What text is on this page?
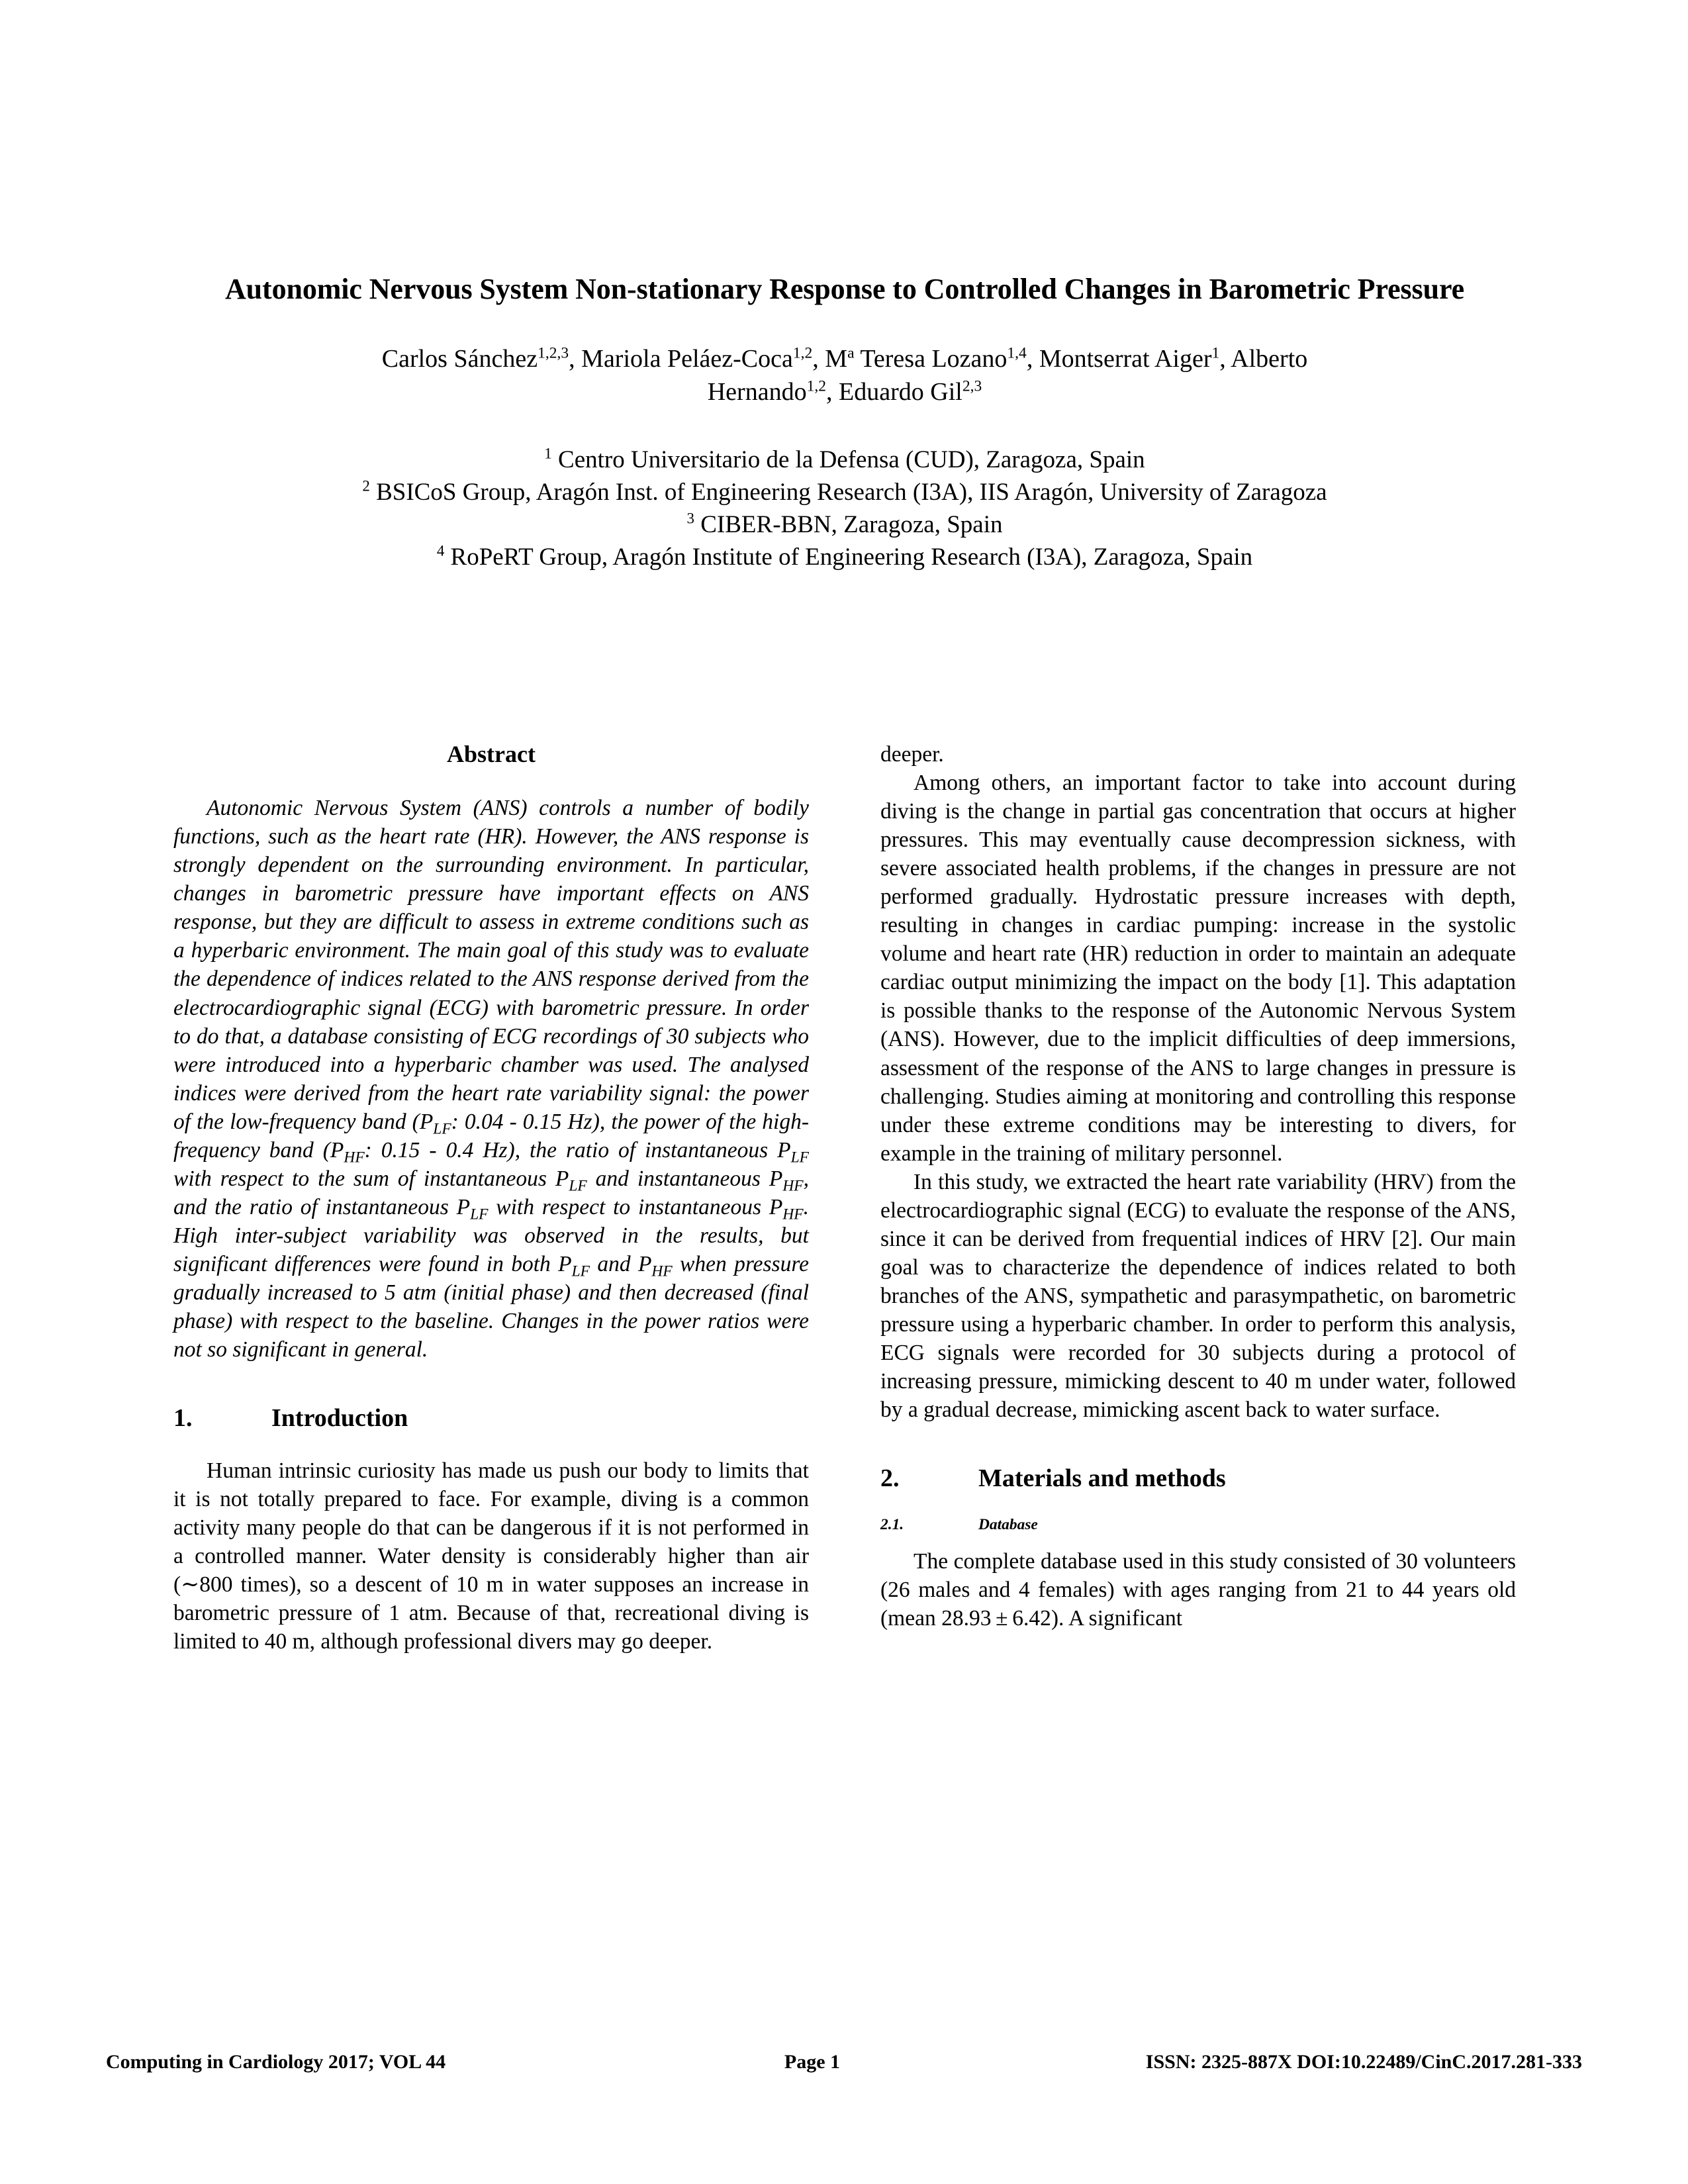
Autonomic Nervous System Non-stationary Response to Controlled Changes in Barometric Pressure
Carlos Sánchez$^{1,2,3}$, Mariola Peláez-Coca$^{1,2}$, $M^a$ Teresa Lozano$^{1,4}$, Montserrat Aiger$^1$, Alberto
Hernando$^{1,2}$, Eduardo Gil$^{2,3}$
$^1$ Centro Universitario de la Defensa (CUD), Zaragoza, Spain
$^2$ BSICoS Group, Aragón Inst. of Engineering Research (I3A), IIS Aragón, University of Zaragoza
$^3$ CIBER-BBN, Zaragoza, Spain
$^4$ RoPeRT Group, Aragón Institute of Engineering Research (I3A), Zaragoza, Spain
Abstract

Autonomic Nervous System (ANS) controls a number of bodily functions, such as the heart rate (HR). However, the ANS response is strongly dependent on the surrounding environment. In particular, changes in barometric pressure have important effects on ANS response, but they are difficult to assess in extreme conditions such as a hyperbaric environment. The main goal of this study was to evaluate the dependence of indices related to the ANS response derived from the electrocardiographic signal (ECG) with barometric pressure. In order to do that, a database consisting of ECG recordings of 30 subjects who were introduced into a hyperbaric chamber was used. The analysed indices were derived from the heart rate variability signal: the power of the low-frequency band ($P_{LF}$: 0.04 - 0.15 Hz), the power of the high-frequency band ($P_{HF}$: 0.15 - 0.4 Hz), the ratio of instantaneous $P_{LF}$ with respect to the sum of instantaneous $P_{LF}$ and instantaneous $P_{HF}$, and the ratio of instantaneous $P_{LF}$ with respect to instantaneous $P_{HF}$. High inter-subject variability was observed in the results, but significant differences were found in both $P_{LF}$ and $P_{HF}$ when pressure gradually increased to 5 atm (initial phase) and then decreased (final phase) with respect to the baseline. Changes in the power ratios were not so significant in general.

1.	Introduction

Human intrinsic curiosity has made us push our body to limits that it is not totally prepared to face. For example, diving is a common activity many people do that can be dangerous if it is not performed in a controlled manner. Water density is considerably higher than air (∼800 times), so a descent of 10 m in water supposes an increase in barometric pressure of 1 atm. Because of that, recreational diving is limited to 40 m, although professional divers may go deeper.

deeper.

Among others, an important factor to take into account during diving is the change in partial gas concentration that occurs at higher pressures. This may eventually cause decompression sickness, with severe associated health problems, if the changes in pressure are not performed gradually. Hydrostatic pressure increases with depth, resulting in changes in cardiac pumping: increase in the systolic volume and heart rate (HR) reduction in order to maintain an adequate cardiac output minimizing the impact on the body [1]. This adaptation is possible thanks to the response of the Autonomic Nervous System (ANS). However, due to the implicit difficulties of deep immersions, assessment of the response of the ANS to large changes in pressure is challenging. Studies aiming at monitoring and controlling this response under these extreme conditions may be interesting to divers, for example in the training of military personnel.

In this study, we extracted the heart rate variability (HRV) from the electrocardiographic signal (ECG) to evaluate the response of the ANS, since it can be derived from frequential indices of HRV [2]. Our main goal was to characterize the dependence of indices related to both branches of the ANS, sympathetic and parasympathetic, on barometric pressure using a hyperbaric chamber. In order to perform this analysis, ECG signals were recorded for 30 subjects during a protocol of increasing pressure, mimicking descent to 40 m under water, followed by a gradual decrease, mimicking ascent back to water surface.

2.	Materials and methods
2.1.	Database

The complete database used in this study consisted of 30 volunteers (26 males and 4 females) with ages ranging from 21 to 44 years old (mean 28.93 ± 6.42). A significant

Computing in Cardiology 2017; VOL 44	Page 1	ISSN: 2325-887X DOI:10.22489/CinC.2017.281-333
